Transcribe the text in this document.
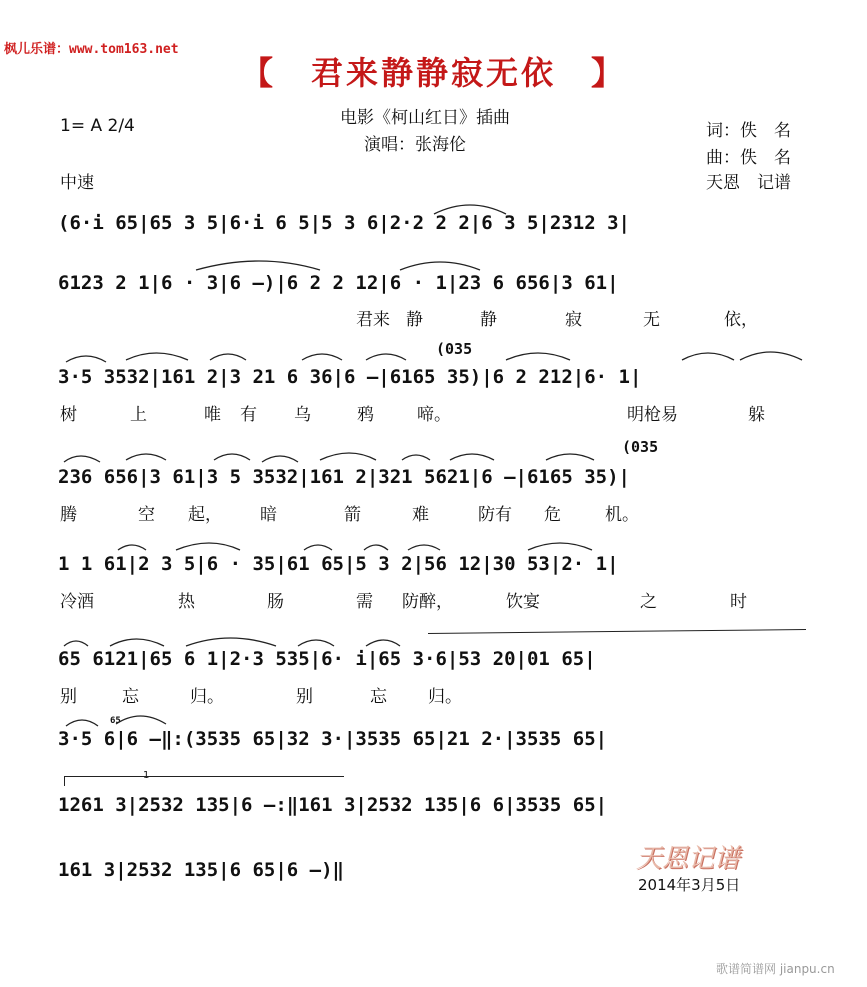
枫儿乐谱：www.tom163.net
【　君来静静寂无依　】
电影《柯山红日》插曲
演唱：张海伦
1= A 2/4
中速
词：佚　名
曲：佚　名
天恩　记谱
(6·i 65|65 3 5|6·i 6 5|5 3 6|2·2 2 2|6 3 5|2312 3|
6123 2 1|6 · 3|6 –)|6 2 2 12|6 · 1|23 6 656|3 61|

君来

静

	静

	寂

	无

	依，

(035
3·5 3532|161 2|3 21 6 36|6 –|6165 35)|6 2 212|6· 1|

树

	上

	唯

有

乌

	鸦

	啼。

	明枪易

	躲

(035
236 656|3 61|3 5 3532|161 2|321 5621|6 –|6165 35)|

腾

	空

起，

暗

	箭

	难

	防有

危

	机。

1 1 61|2 3 5|6 · 35|61 65|5 3 2|56 12|30 53|2· 1|

冷酒

	热

	肠

	需

防醉，

	饮宴

	之

	时

65 6121|65 6 1|2·3 535|6· i|65 3·6|53 20|01 65|

别

	忘

	归。

	别

	忘

归。

65
3·5 6|6 –‖:(3535 65|32 3·|3535 65|21 2·|3535 65|
1261 3|2532 135|6 –:‖161 3|2532 135|6 6|3535 65|
161 3|2532 135|6 65|6 –)‖	天恩记谱
2014年3月5日
歌谱简谱网 jianpu.cn
